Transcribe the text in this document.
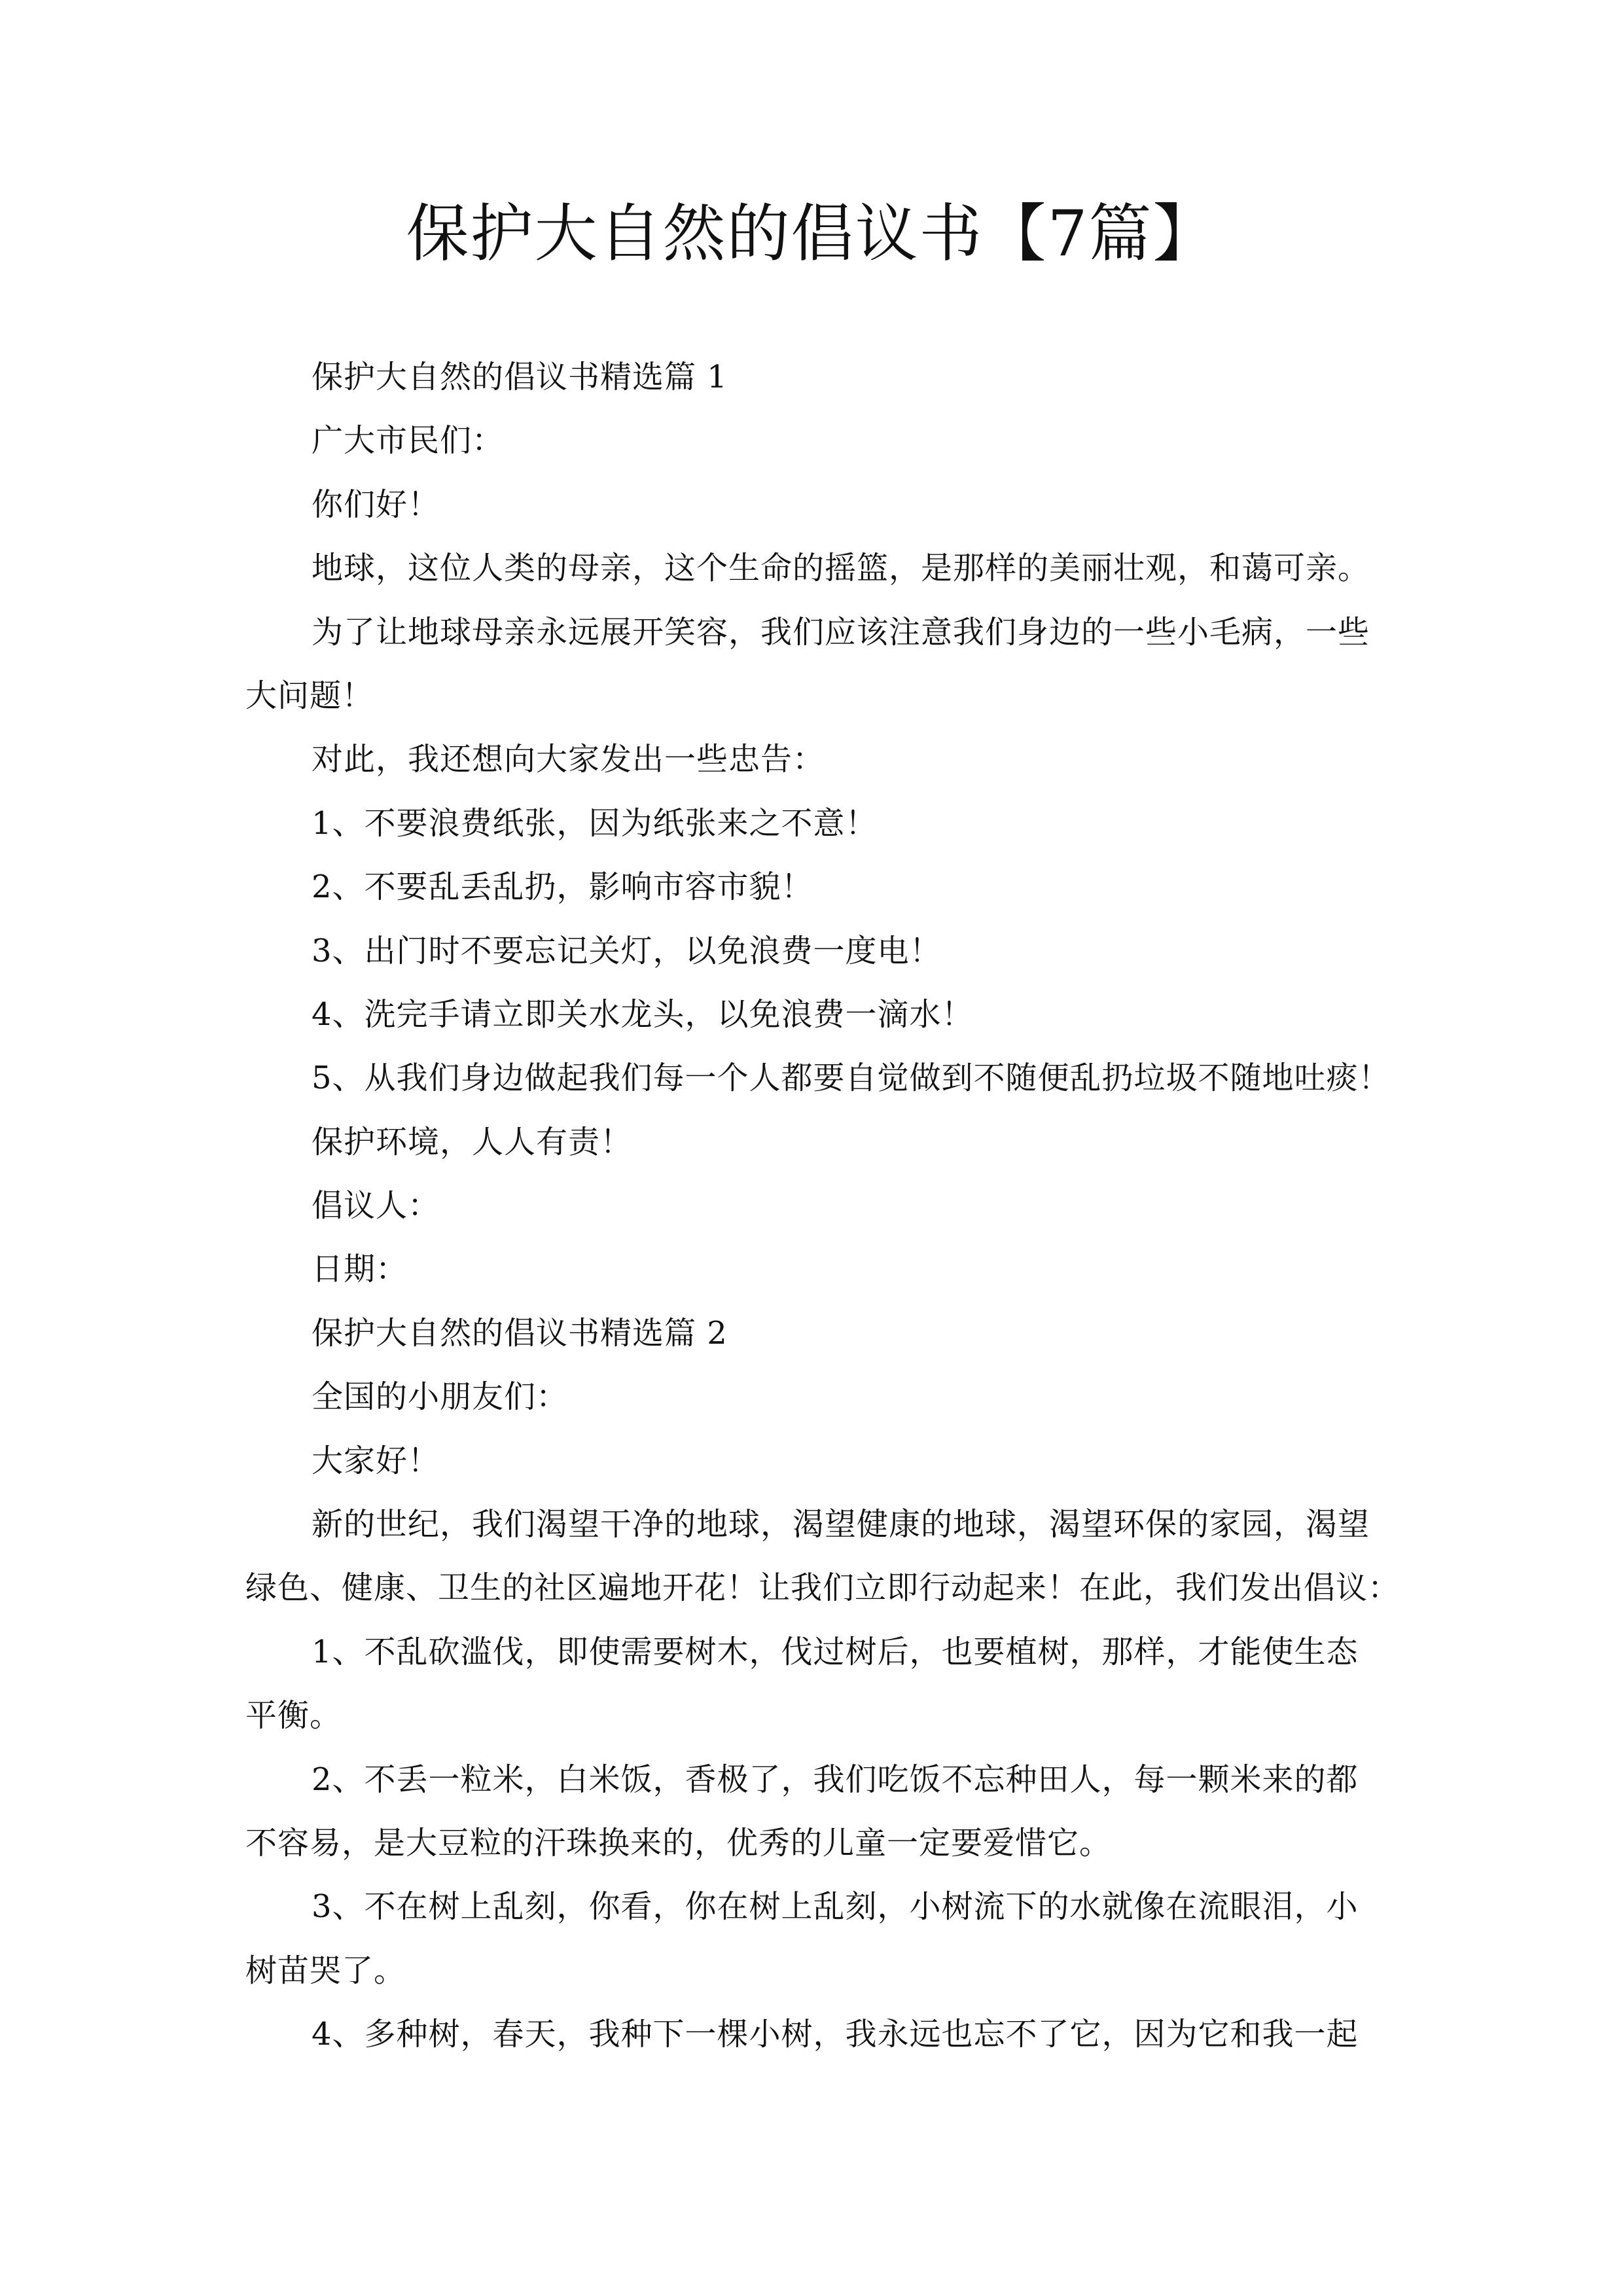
保护大自然的倡议书【7篇】
保护大自然的倡议书精选篇 1
广大市民们：
你们好！
地球，这位人类的母亲，这个生命的摇篮，是那样的美丽壮观，和蔼可亲。
为了让地球母亲永远展开笑容，我们应该注意我们身边的一些小毛病，一些
大问题！
对此，我还想向大家发出一些忠告：
1、不要浪费纸张，因为纸张来之不意！
2、不要乱丢乱扔，影响市容市貌！
3、出门时不要忘记关灯，以免浪费一度电！
4、洗完手请立即关水龙头，以免浪费一滴水！
5、从我们身边做起我们每一个人都要自觉做到不随便乱扔垃圾不随地吐痰！
保护环境，人人有责！
倡议人：
日期：
保护大自然的倡议书精选篇 2
全国的小朋友们：
大家好！
新的世纪，我们渴望干净的地球，渴望健康的地球，渴望环保的家园，渴望
绿色、健康、卫生的社区遍地开花！让我们立即行动起来！在此，我们发出倡议：
1、不乱砍滥伐，即使需要树木，伐过树后，也要植树，那样，才能使生态
平衡。
2、不丢一粒米，白米饭，香极了，我们吃饭不忘种田人，每一颗米来的都
不容易，是大豆粒的汗珠换来的，优秀的儿童一定要爱惜它。
3、不在树上乱刻，你看，你在树上乱刻，小树流下的水就像在流眼泪，小
树苗哭了。
4、多种树，春天，我种下一棵小树，我永远也忘不了它，因为它和我一起
